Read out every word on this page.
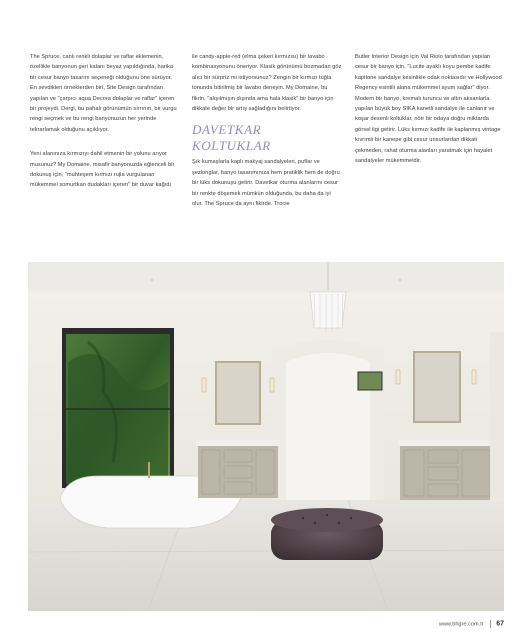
The Spruce, canlı renkli dolaplar ve raflar eklemenin, özellikle banyonun geri kalanı beyaz yapıldığında, harika bir cesur banyo tasarım seçeneği olduğunu öne sürüyor. En sevdikleri örneklerden biri, Site Design tarafından yapılan ve "çarpıcı aqua Decora dolaplar ve raflar" içeren bir projeydi. Dergi, bu pahalı görünümün sırrının, bir vurgu rengi seçmek ve bu rengi banyonuzun her yerinde tekrarlamak olduğunu açıklıyor.

Yeni alanınıza kırmızıyı dahil etmenin bir yolunu arıyor musunuz? My Domaine, misafir banyonuzda eğlenceli bir dokunuş için, "muhteşem kırmızı rujla vurgulanan mükemmel somurtkan dudakları içeren" bir duvar kağıdı

ile candy-apple-red (elma şekeri kırmızısı) bir lavabo kombinasyonunu öneriyor. Klasik görünümü bozmadan göz alıcı bir sürpriz mi istiyorsunuz? Zengin bir kırmızı tuğla tonunda bitirilmiş bir lavabo deneyin. My Domaine, bu fikrin, "alışılmışın dışında ama hala klasik" bir banyo için dikkate değer bir artış sağladığını belirtiyor.

DAVETKAR KOLTUKLAR

Şık kumaşlarla kaplı makyaj sandalyeleri, puflar ve şezlonglar, banyo tasarımınıza hem pratiklik hem de doğru bir lüks dokunuşu getirir. Davetkar oturma alanlarını cesur bir renkte döşemek mümkün olduğunda, bu daha da iyi olur. The Spruce da aynı fikirde. Trocie

Butler Interior Design için Val Riolo tarafından yapılan cesur bir banyo için, "Lucite ayaklı koyu pembe kadife kapitone sandalye kesinlikle odak noktasıdır ve Hollywood Regency esintili alana mükemmel ayum sağlar" diyor. Modern bir banyo, kremalı turuncu ve altın aksanlarla yapılan büyük boy SIKA kanetli sandalye ile canlanır ve koşar desenli koltuklar, nötr bir odaya doğru miktarda görsel ilgi getirir. Lüks kırmızı kadife ile kaplanmış vintage kıvrımlı bir kanepe gibi cesur unsurlardan dikkati çekmeden, rahat oturma alanları yaratmak için hayalet sandalyeler mükemmeldir.

www.bhgre.com.tr 67
